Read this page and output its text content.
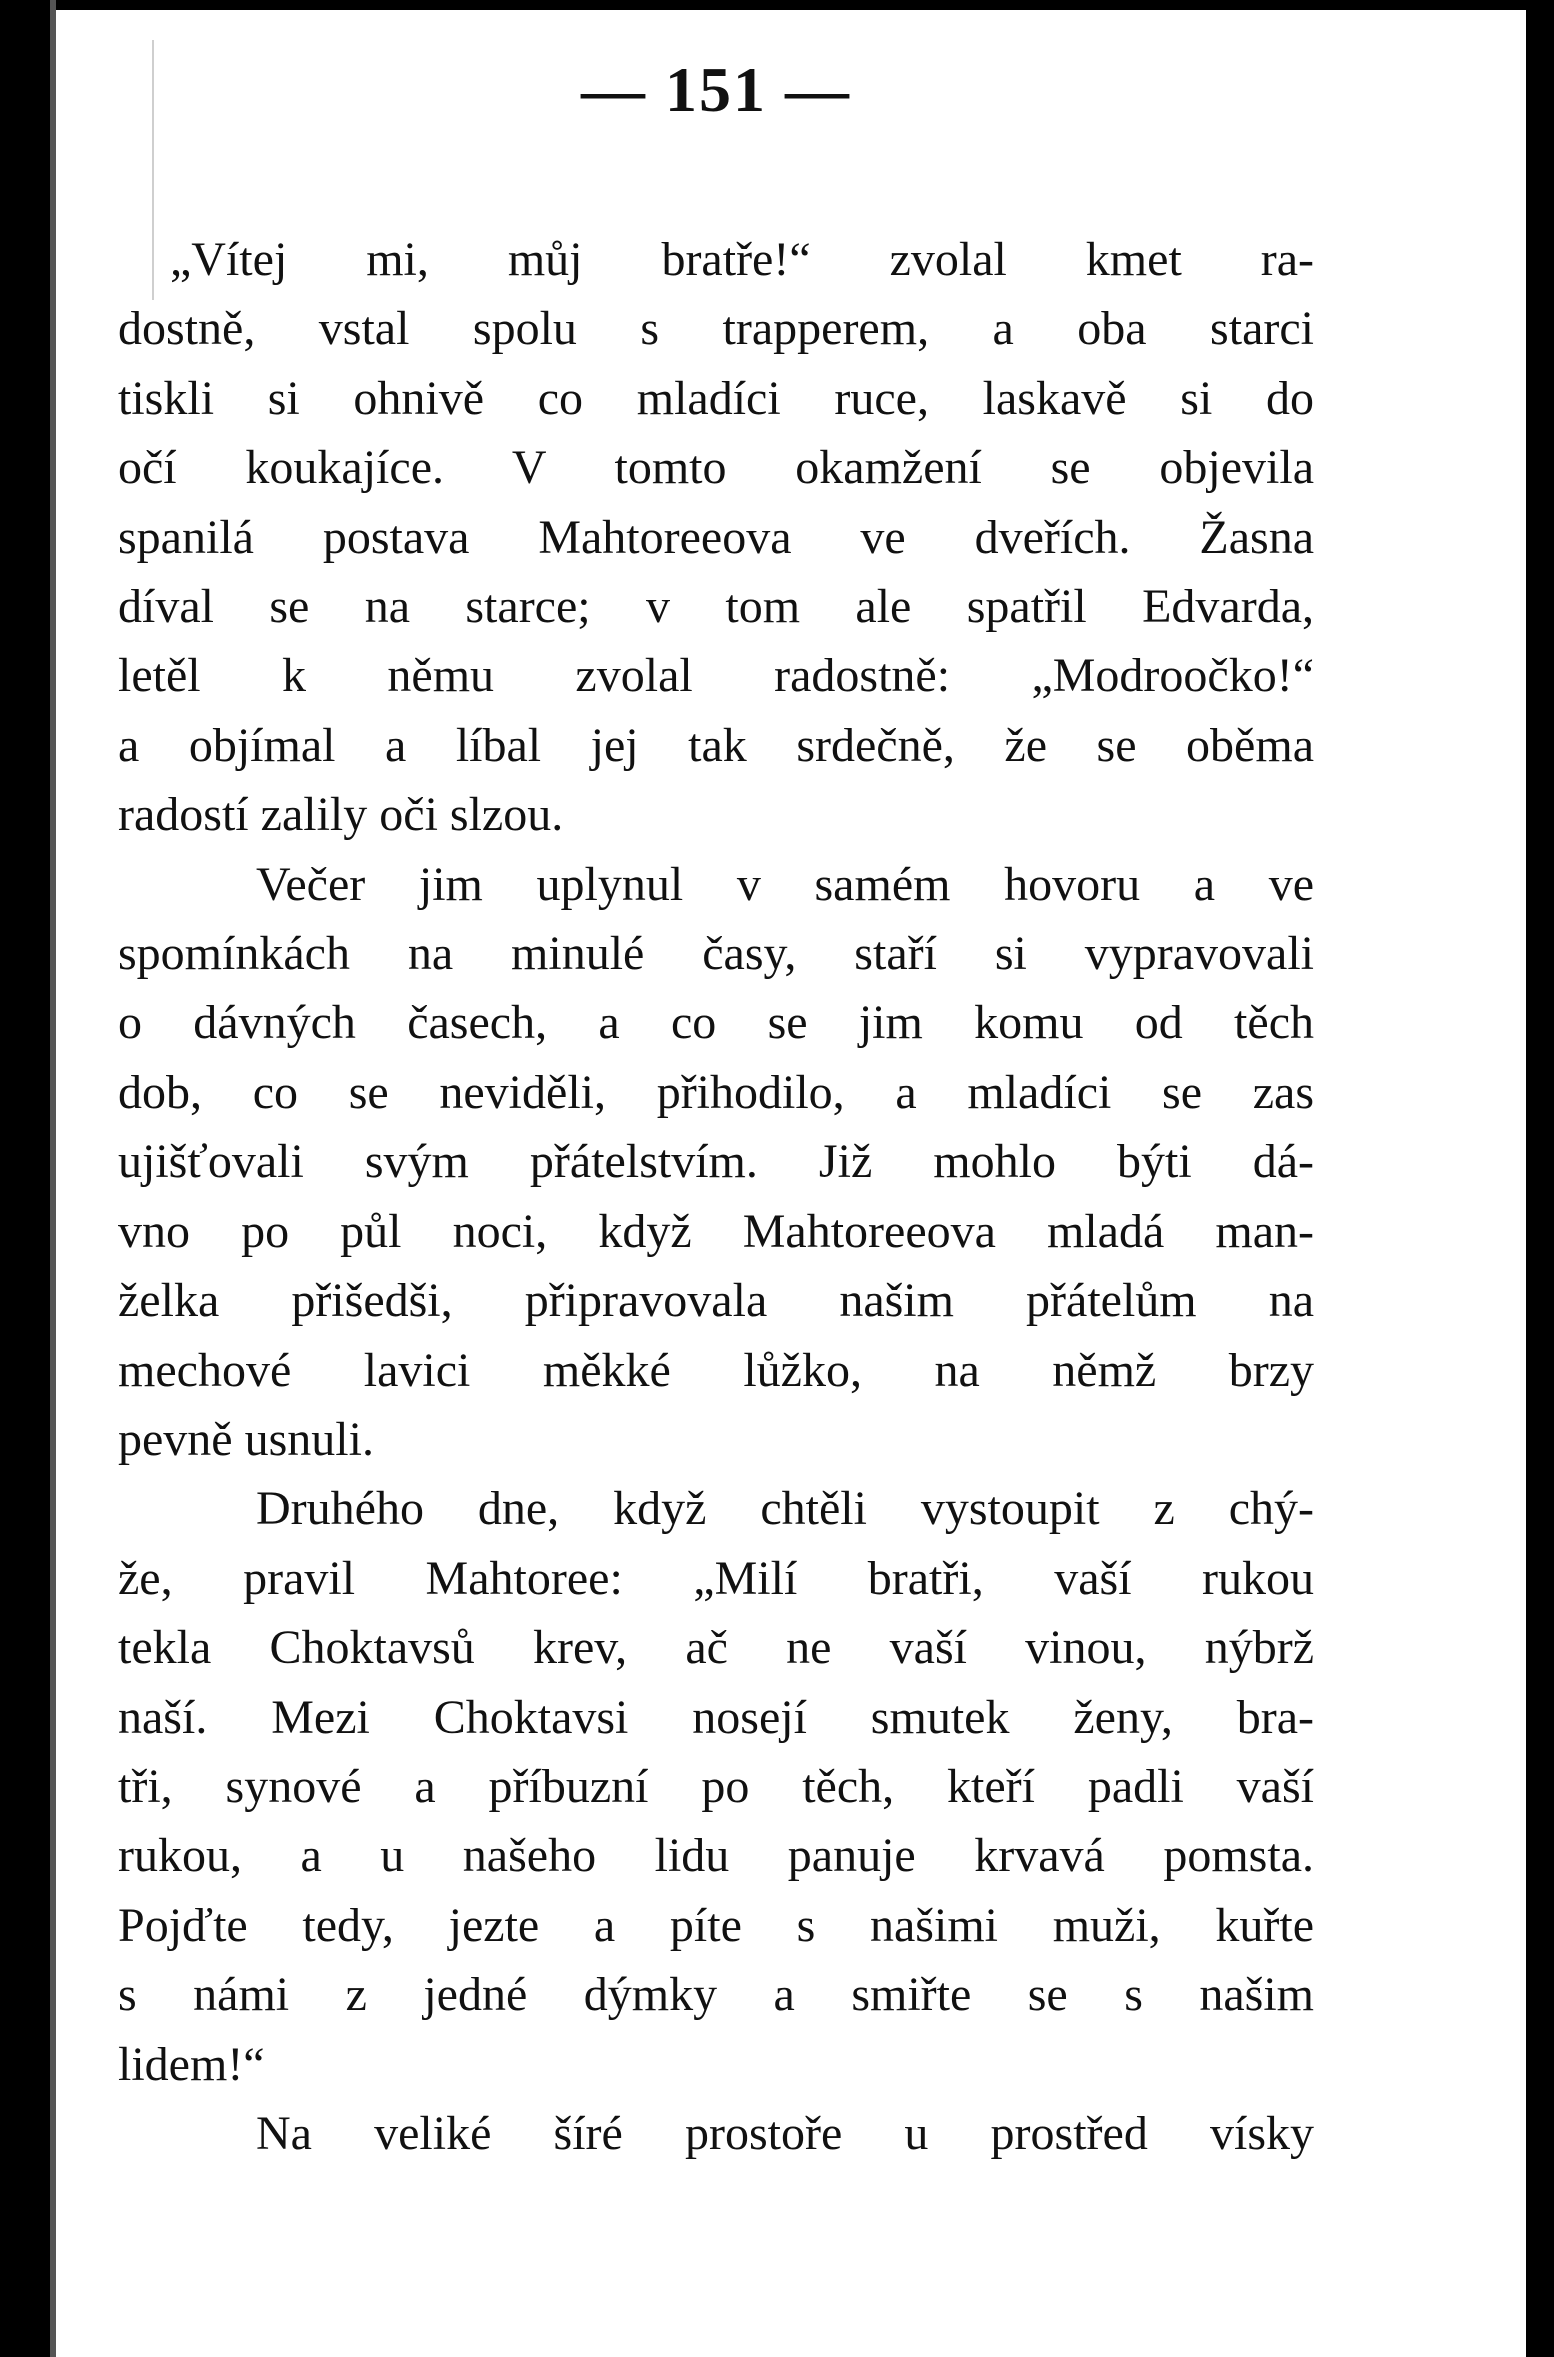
— 151 —
„Vítej mi, můj bratře!“ zvolal kmet ra-
dostně, vstal spolu s trapperem, a oba starci
tiskli si ohnivě co mladíci ruce, laskavě si do
očí koukajíce. V tomto okamžení se objevila
spanilá postava Mahtoreeova ve dveřích. Žasna
díval se na starce; v tom ale spatřil Edvarda,
letěl k němu zvolal radostně: „Modroočko!“
a objímal a líbal jej tak srdečně, že se oběma
radostí zalily oči slzou.
Večer jim uplynul v samém hovoru a ve
spomínkách na minulé časy, staří si vypravovali
o dávných časech, a co se jim komu od těch
dob, co se neviděli, přihodilo, a mladíci se zas
ujišťovali svým přátelstvím. Již mohlo býti dá-
vno po půl noci, když Mahtoreeova mladá man-
želka přišedši, připravovala našim přátelům na
mechové lavici měkké lůžko, na němž brzy
pevně usnuli.
Druhého dne, když chtěli vystoupit z chý-
že, pravil Mahtoree: „Milí bratři, vaší rukou
tekla Choktavsů krev, ač ne vaší vinou, nýbrž
naší. Mezi Choktavsi nosejí smutek ženy, bra-
tři, synové a příbuzní po těch, kteří padli vaší
rukou, a u našeho lidu panuje krvavá pomsta.
Pojďte tedy, jezte a píte s našimi muži, kuřte
s námi z jedné dýmky a smiřte se s našim
lidem!“
Na veliké šíré prostoře u prostřed vísky
